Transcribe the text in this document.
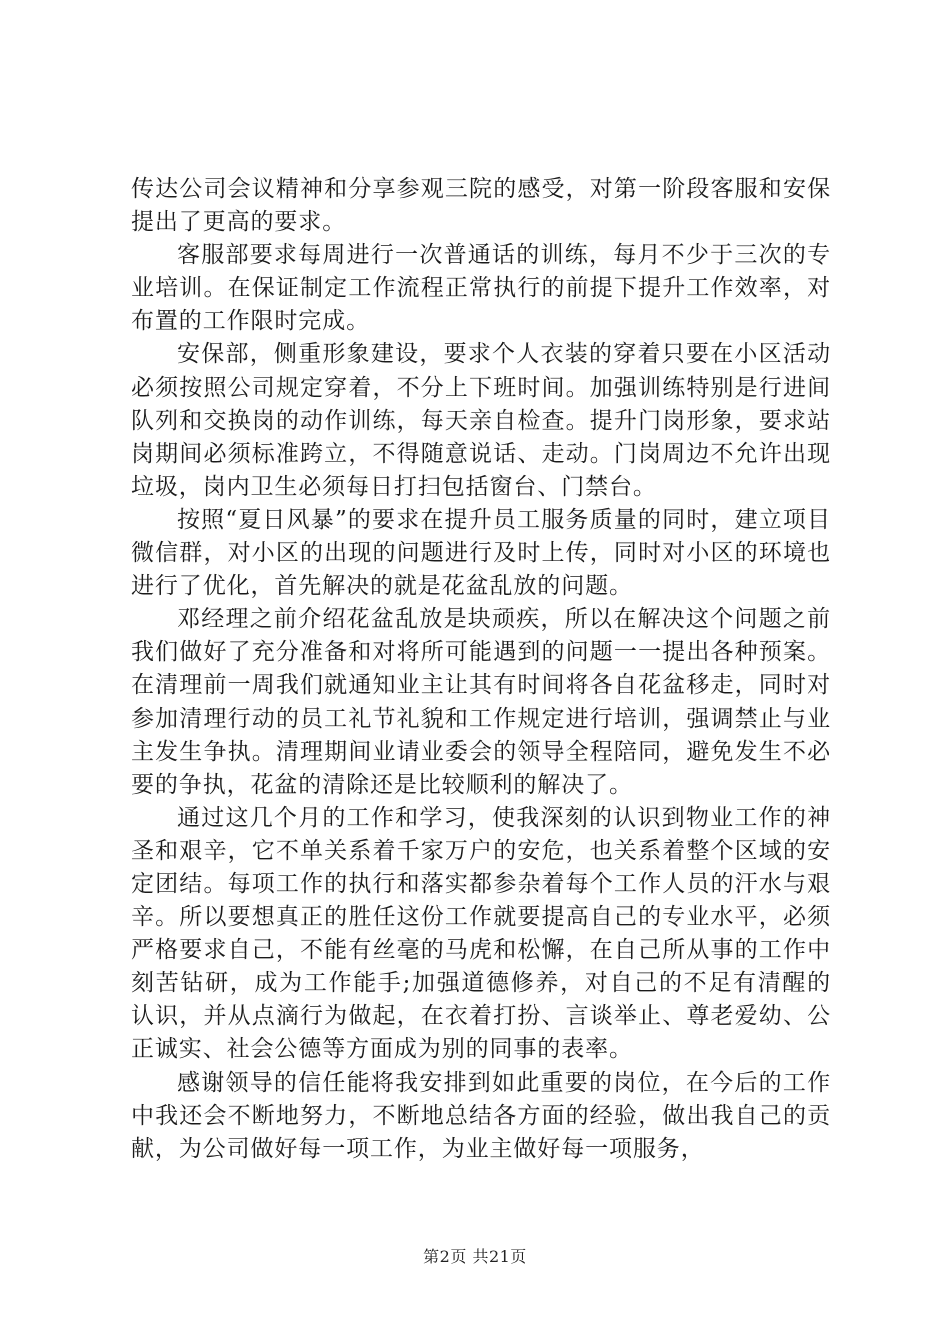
传达公司会议精神和分享参观三院的感受，对第一阶段客服和安保提出了更高的要求。

客服部要求每周进行一次普通话的训练，每月不少于三次的专业培训。在保证制定工作流程正常执行的前提下提升工作效率，对布置的工作限时完成。

安保部，侧重形象建设，要求个人衣装的穿着只要在小区活动必须按照公司规定穿着，不分上下班时间。加强训练特别是行进间队列和交换岗的动作训练，每天亲自检查。提升门岗形象，要求站岗期间必须标准跨立，不得随意说话、走动。门岗周边不允许出现垃圾，岗内卫生必须每日打扫包括窗台、门禁台。

按照“夏日风暴”的要求在提升员工服务质量的同时，建立项目微信群，对小区的出现的问题进行及时上传，同时对小区的环境也进行了优化，首先解决的就是花盆乱放的问题。

邓经理之前介绍花盆乱放是块顽疾，所以在解决这个问题之前我们做好了充分准备和对将所可能遇到的问题一一提出各种预案。在清理前一周我们就通知业主让其有时间将各自花盆移走，同时对参加清理行动的员工礼节礼貌和工作规定进行培训，强调禁止与业主发生争执。清理期间业请业委会的领导全程陪同，避免发生不必要的争执，花盆的清除还是比较顺利的解决了。

通过这几个月的工作和学习，使我深刻的认识到物业工作的神圣和艰辛，它不单关系着千家万户的安危，也关系着整个区域的安定团结。每项工作的执行和落实都参杂着每个工作人员的汗水与艰辛。所以要想真正的胜任这份工作就要提高自己的专业水平，必须严格要求自己，不能有丝毫的马虎和松懈，在自己所从事的工作中刻苦钻研，成为工作能手;加强道德修养，对自己的不足有清醒的认识，并从点滴行为做起，在衣着打扮、言谈举止、尊老爱幼、公正诚实、社会公德等方面成为别的同事的表率。

感谢领导的信任能将我安排到如此重要的岗位，在今后的工作中我还会不断地努力，不断地总结各方面的经验，做出我自己的贡献，为公司做好每一项工作，为业主做好每一项服务，

第2页 共21页
